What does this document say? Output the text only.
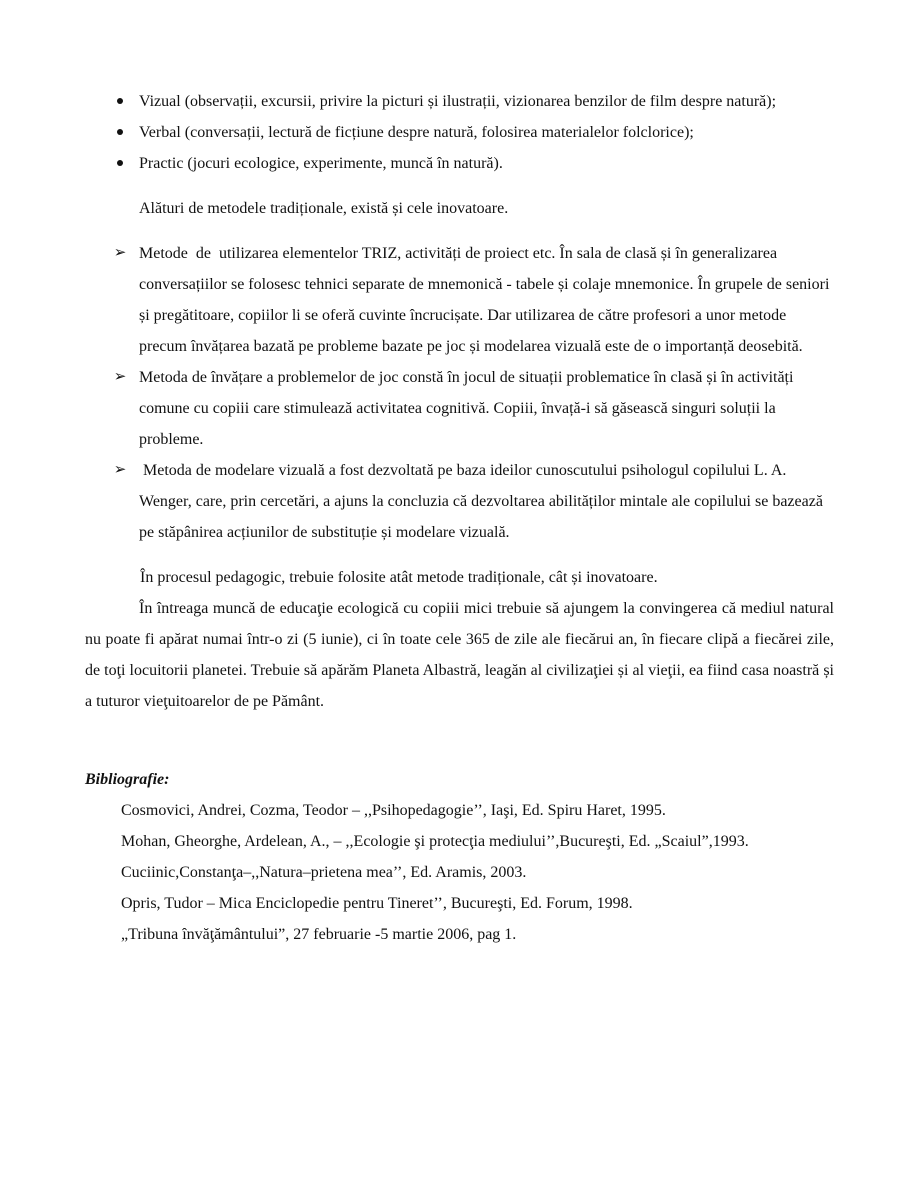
Vizual (observații, excursii, privire la picturi și ilustrații, vizionarea benzilor de film despre natură);
Verbal (conversații, lectură de ficțiune despre natură, folosirea materialelor folclorice);
Practic (jocuri ecologice, experimente, muncă în natură).
Alături de metodele tradiționale, există și cele inovatoare.
➢ Metode  de  utilizarea elementelor TRIZ, activități de proiect etc. În sala de clasă și în generalizarea conversațiilor se folosesc tehnici separate de mnemonică - tabele și colaje mnemonice. În grupele de seniori și pregătitoare, copiilor li se oferă cuvinte încrucișate. Dar utilizarea de către profesori a unor metode precum învățarea bazată pe probleme bazate pe joc și modelarea vizuală este de o importanță deosebită.
➢ Metoda de învățare a problemelor de joc constă în jocul de situații problematice în clasă și în activități comune cu copiii care stimulează activitatea cognitivă. Copiii, învață-i să găsească singuri soluții la probleme.
➢ Metoda de modelare vizuală a fost dezvoltată pe baza ideilor cunoscutului psihologul copilului L. A. Wenger, care, prin cercetări, a ajuns la concluzia că dezvoltarea abilităților mintale ale copilului se bazează pe stăpânirea acțiunilor de substituție și modelare vizuală.
În procesul pedagogic, trebuie folosite atât metode tradiționale, cât și inovatoare.
În întreaga muncă de educaţie ecologică cu copiii mici trebuie să ajungem la convingerea că mediul natural nu poate fi apărat numai într-o zi (5 iunie), ci în toate cele 365 de zile ale fiecărui an, în fiecare clipă a fiecărei zile, de toţi locuitorii planetei. Trebuie să apărăm Planeta Albastră, leagăn al civilizaţiei și al vieţii, ea fiind casa noastră și a tuturor vieţuitoarelor de pe Pământ.
Bibliografie:
Cosmovici, Andrei, Cozma, Teodor – ,,Psihopedagogie’’, Iaşi, Ed. Spiru Haret, 1995.
Mohan, Gheorghe, Ardelean, A., – ,,Ecologie şi protecţia mediului’’,Bucureşti, Ed. „Scaiul”,1993.
Cuciinic,Constanţa–,,Natura–prietena mea’’, Ed. Aramis, 2003.
Opris, Tudor – Mica Enciclopedie pentru Tineret’’, Bucureşti, Ed. Forum, 1998.
„Tribuna învăţământului”, 27 februarie -5 martie 2006, pag 1.
